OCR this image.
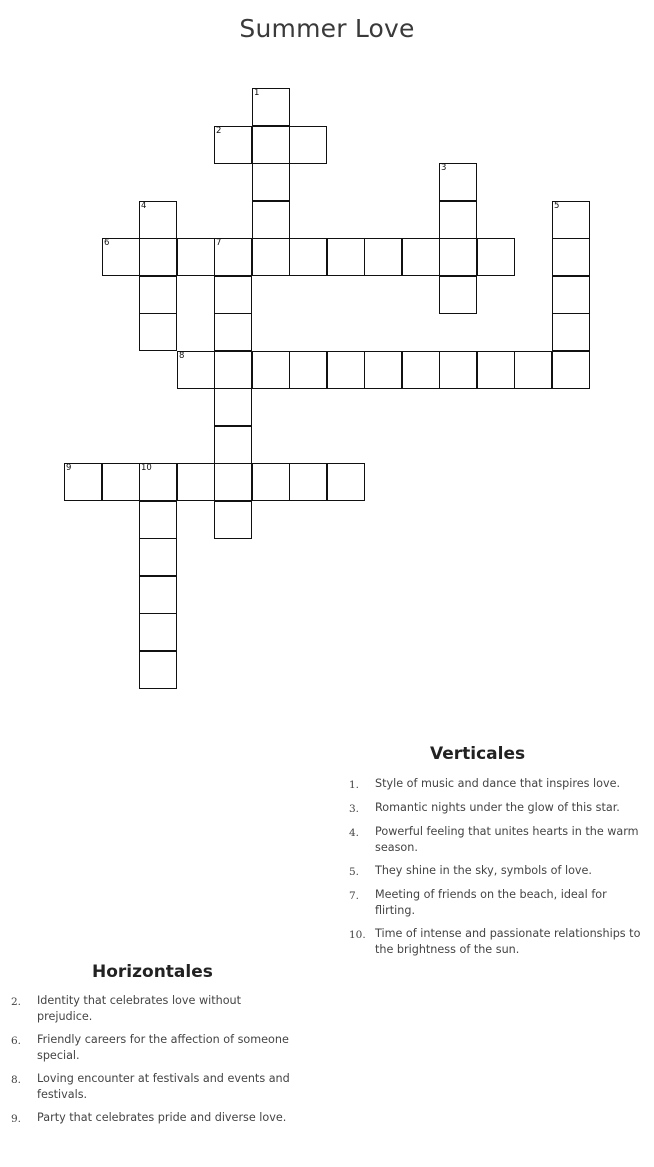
Summer Love
1
2
3
4	5
6	7
8
9	10
Verticales
1.	Style of music and dance that inspires love.
3.	Romantic nights under the glow of this star.
4.	Powerful feeling that unites hearts in the warm season.
5.	They shine in the sky, symbols of love.
7.	Meeting of friends on the beach, ideal for flirting.
10. Time of intense and passionate relationships to the brightness of the sun.
Horizontales
2.	Identity that celebrates love without prejudice.
6.	Friendly careers for the affection of someone special.
8.	Loving encounter at festivals and events and festivals.
9.	Party that celebrates pride and diverse love.
